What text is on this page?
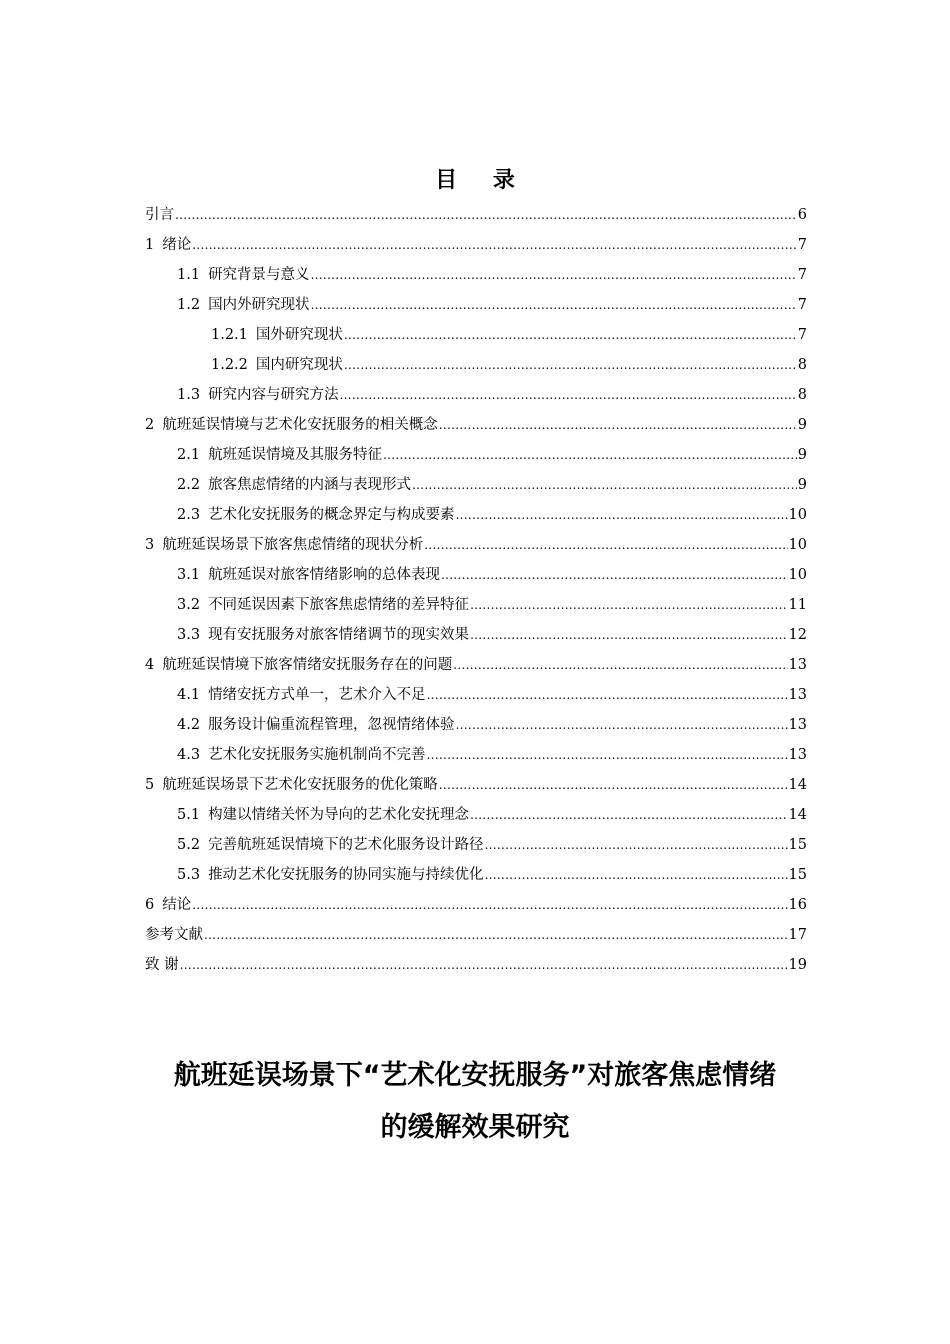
目 录
引言 .....	6
1 绪论 .....	7
1.1 研究背景与意义 .....	7
1.2 国内外研究现状 .....	7
1.2.1 国外研究现状 .....	7
1.2.2 国内研究现状 .....	8
1.3 研究内容与研究方法 .....	8
2 航班延误情境与艺术化安抚服务的相关概念 .....	9
2.1 航班延误情境及其服务特征 .....	9
2.2 旅客焦虑情绪的内涵与表现形式 .....	9
2.3 艺术化安抚服务的概念界定与构成要素 .....	10
3 航班延误场景下旅客焦虑情绪的现状分析 .....	10
3.1 航班延误对旅客情绪影响的总体表现 .....	10
3.2 不同延误因素下旅客焦虑情绪的差异特征 .....	11
3.3 现有安抚服务对旅客情绪调节的现实效果 .....	12
4 航班延误情境下旅客情绪安抚服务存在的问题 .....	13
4.1 情绪安抚方式单一，艺术介入不足 .....	13
4.2 服务设计偏重流程管理，忽视情绪体验 .....	13
4.3 艺术化安抚服务实施机制尚不完善 .....	13
5 航班延误场景下艺术化安抚服务的优化策略 .....	14
5.1 构建以情绪关怀为导向的艺术化安抚理念 .....	14
5.2 完善航班延误情境下的艺术化服务设计路径 .....	15
5.3 推动艺术化安抚服务的协同实施与持续优化 .....	15
6 结论 .....	16
参考文献 .....	17
致 谢 .....	19
航班延误场景下“艺术化安抚服务”对旅客焦虑情绪
的缓解效果研究
